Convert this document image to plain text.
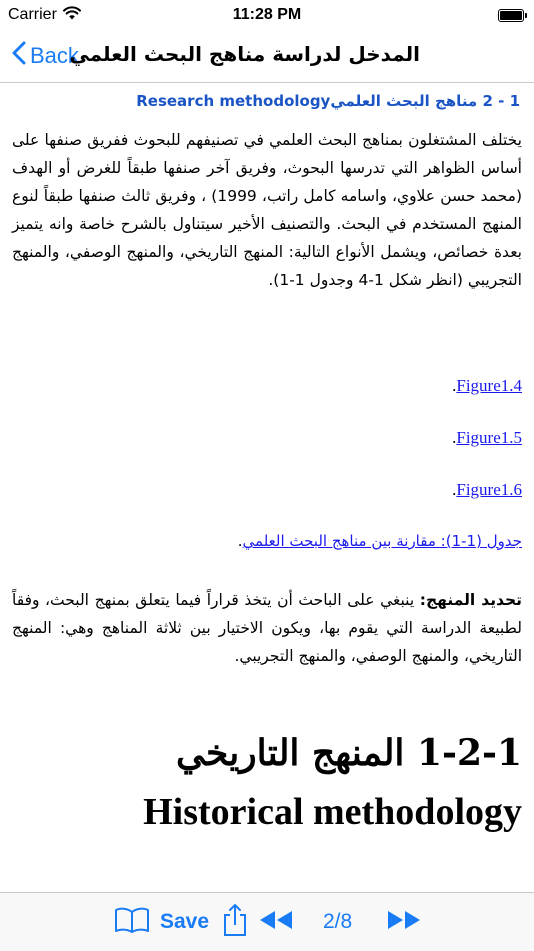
Carrier	11:28 PM
Back
المدخل لدراسة مناهج البحث العلمي
1 - 2 مناهج البحث العلميResearch methodology
يختلف المشتغلون بمناهج البحث العلمي في تصنيفهم للبحوث ففريق صنفها على أساس الظواهر التي تدرسها البحوث، وفريق آخر صنفها طبقاً للغرض أو الهدف (محمد حسن علاوي، واسامه كامل راتب، 1999) ، وفريق ثالث صنفها طبقاً لنوع المنهج المستخدم في البحث. والتصنيف الأخير سيتناول بالشرح خاصة وانه يتميز بعدة خصائص، ويشمل الأنواع التالية: المنهج التاريخي، والمنهج الوصفي، والمنهج التجريبي (انظر شكل 1-4 وجدول 1-1).
.Figure1.4
.Figure1.5
.Figure1.6
جدول (1-1): مقارنة بين مناهج البحث العلمي.
تحديد المنهج: ينبغي على الباحث أن يتخذ قراراً فيما يتعلق بمنهج البحث، وفقاً لطبيعة الدراسة التي يقوم بها، ويكون الاختيار بين ثلاثة المناهج وهي: المنهج التاريخي، والمنهج الوصفي، والمنهج التجريبي.
1-2-1 المنهج التاريخي
Historical methodology
Save	2/8
